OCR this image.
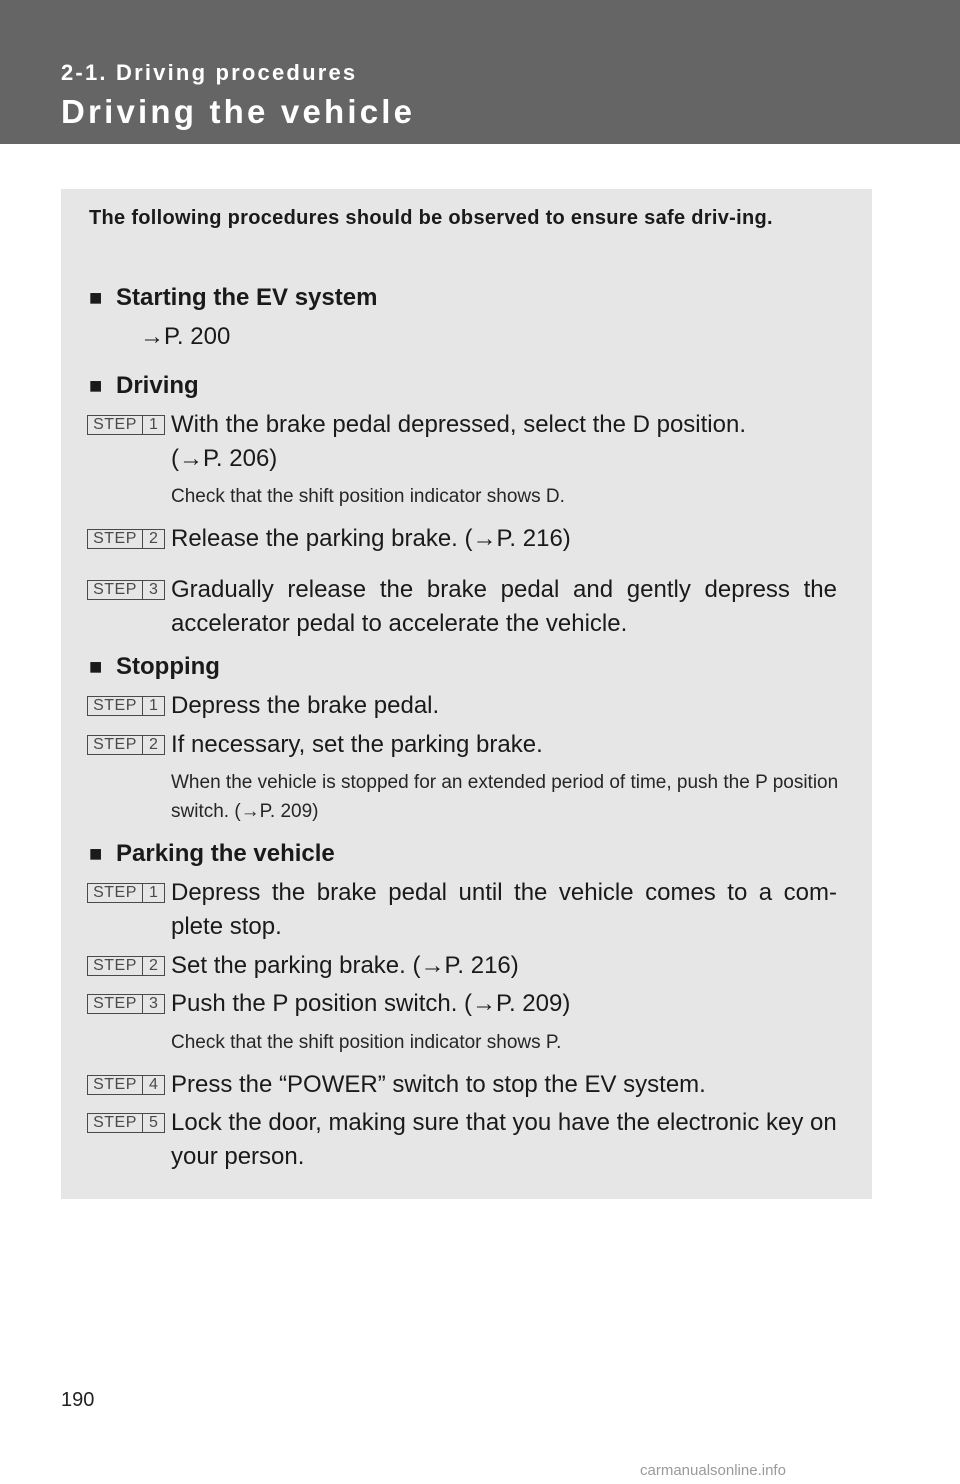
2-1. Driving procedures
Driving the vehicle
The following procedures should be observed to ensure safe driv-ing.
■ Starting the EV system
→P. 200
■ Driving
STEP 1 With the brake pedal depressed, select the D position. (→P. 206)
Check that the shift position indicator shows D.
STEP 2 Release the parking brake. (→P. 216)
STEP 3 Gradually release the brake pedal and gently depress the accelerator pedal to accelerate the vehicle.
■ Stopping
STEP 1 Depress the brake pedal.
STEP 2 If necessary, set the parking brake.
When the vehicle is stopped for an extended period of time, push the P position switch. (→P. 209)
■ Parking the vehicle
STEP 1 Depress the brake pedal until the vehicle comes to a com-plete stop.
STEP 2 Set the parking brake. (→P. 216)
STEP 3 Push the P position switch. (→P. 209)
Check that the shift position indicator shows P.
STEP 4 Press the “POWER” switch to stop the EV system.
STEP 5 Lock the door, making sure that you have the electronic key on your person.
190
carmanualsonline.info
